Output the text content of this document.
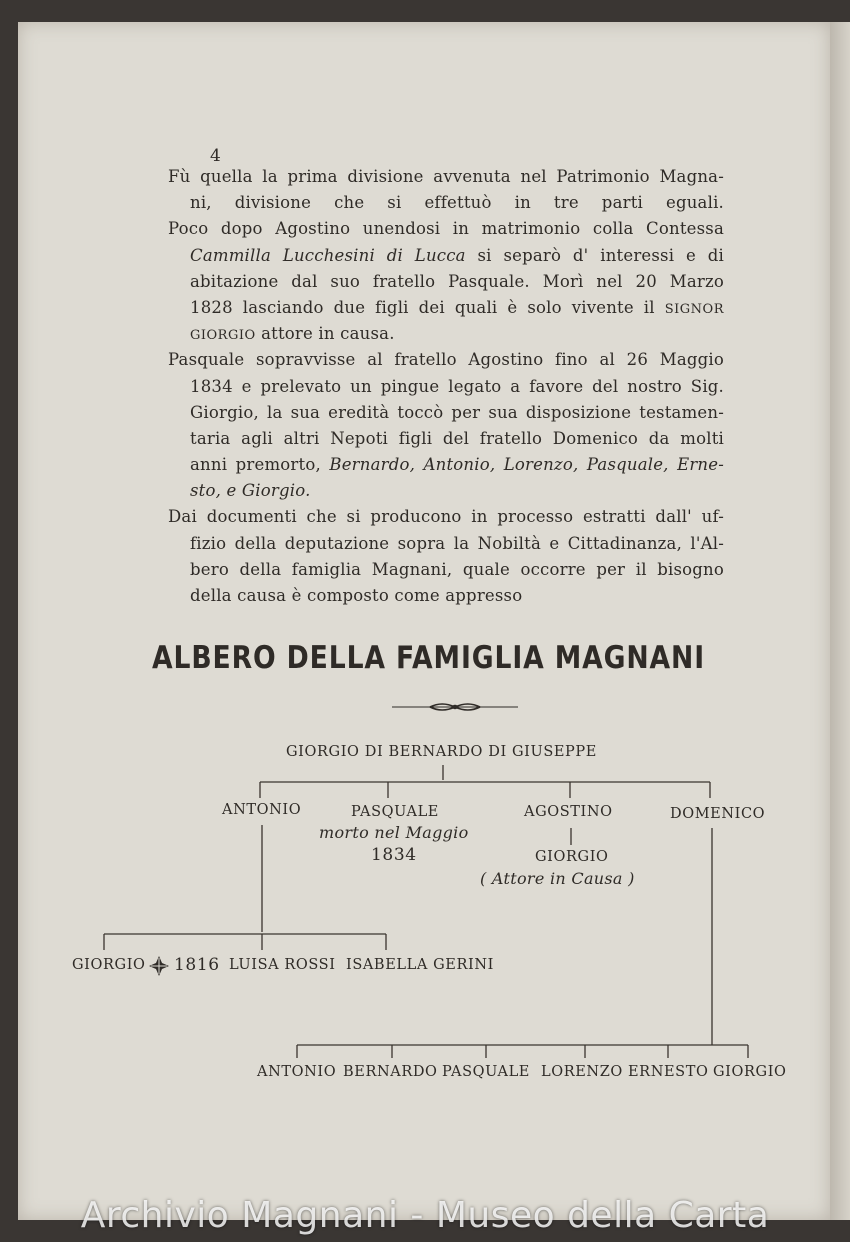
4
Fù quella la prima divisione avvenuta nel Patrimonio Magna-
ni, divisione che si effettuò in tre parti eguali.
Poco dopo Agostino unendosi in matrimonio colla Contessa
Cammilla Lucchesini di Lucca si separò d' interessi e di
abitazione dal suo fratello Pasquale. Morì nel 20 Marzo
1828 lasciando due figli dei quali è solo vivente il SIGNOR
GIORGIO attore in causa.
Pasquale sopravvisse al fratello Agostino fino al 26 Maggio
1834 e prelevato un pingue legato a favore del nostro Sig.
Giorgio, la sua eredità toccò per sua disposizione testamen-
taria agli altri Nepoti figli del fratello Domenico da molti
anni premorto, Bernardo, Antonio, Lorenzo, Pasquale, Erne-
sto, e Giorgio.
Dai documenti che si producono in processo estratti dall' uf-
fizio della deputazione sopra la Nobiltà e Cittadinanza, l'Al-
bero della famiglia Magnani, quale occorre per il bisogno
della causa è composto come appresso
ALBERO DELLA FAMIGLIA MAGNANI
GIORGIO DI BERNARDO DI GIUSEPPE
ANTONIO	PASQUALE
morto nel Maggio
1834
AGOSTINO	DOMENICO
GIORGIO
( Attore in Causa )
GIORGIO 1816 LUISA ROSSI ISABELLA GERINI
ANTONIO BERNARDO PASQUALE LORENZO ERNESTO GIORGIO
Archivio Magnani - Museo della Carta
